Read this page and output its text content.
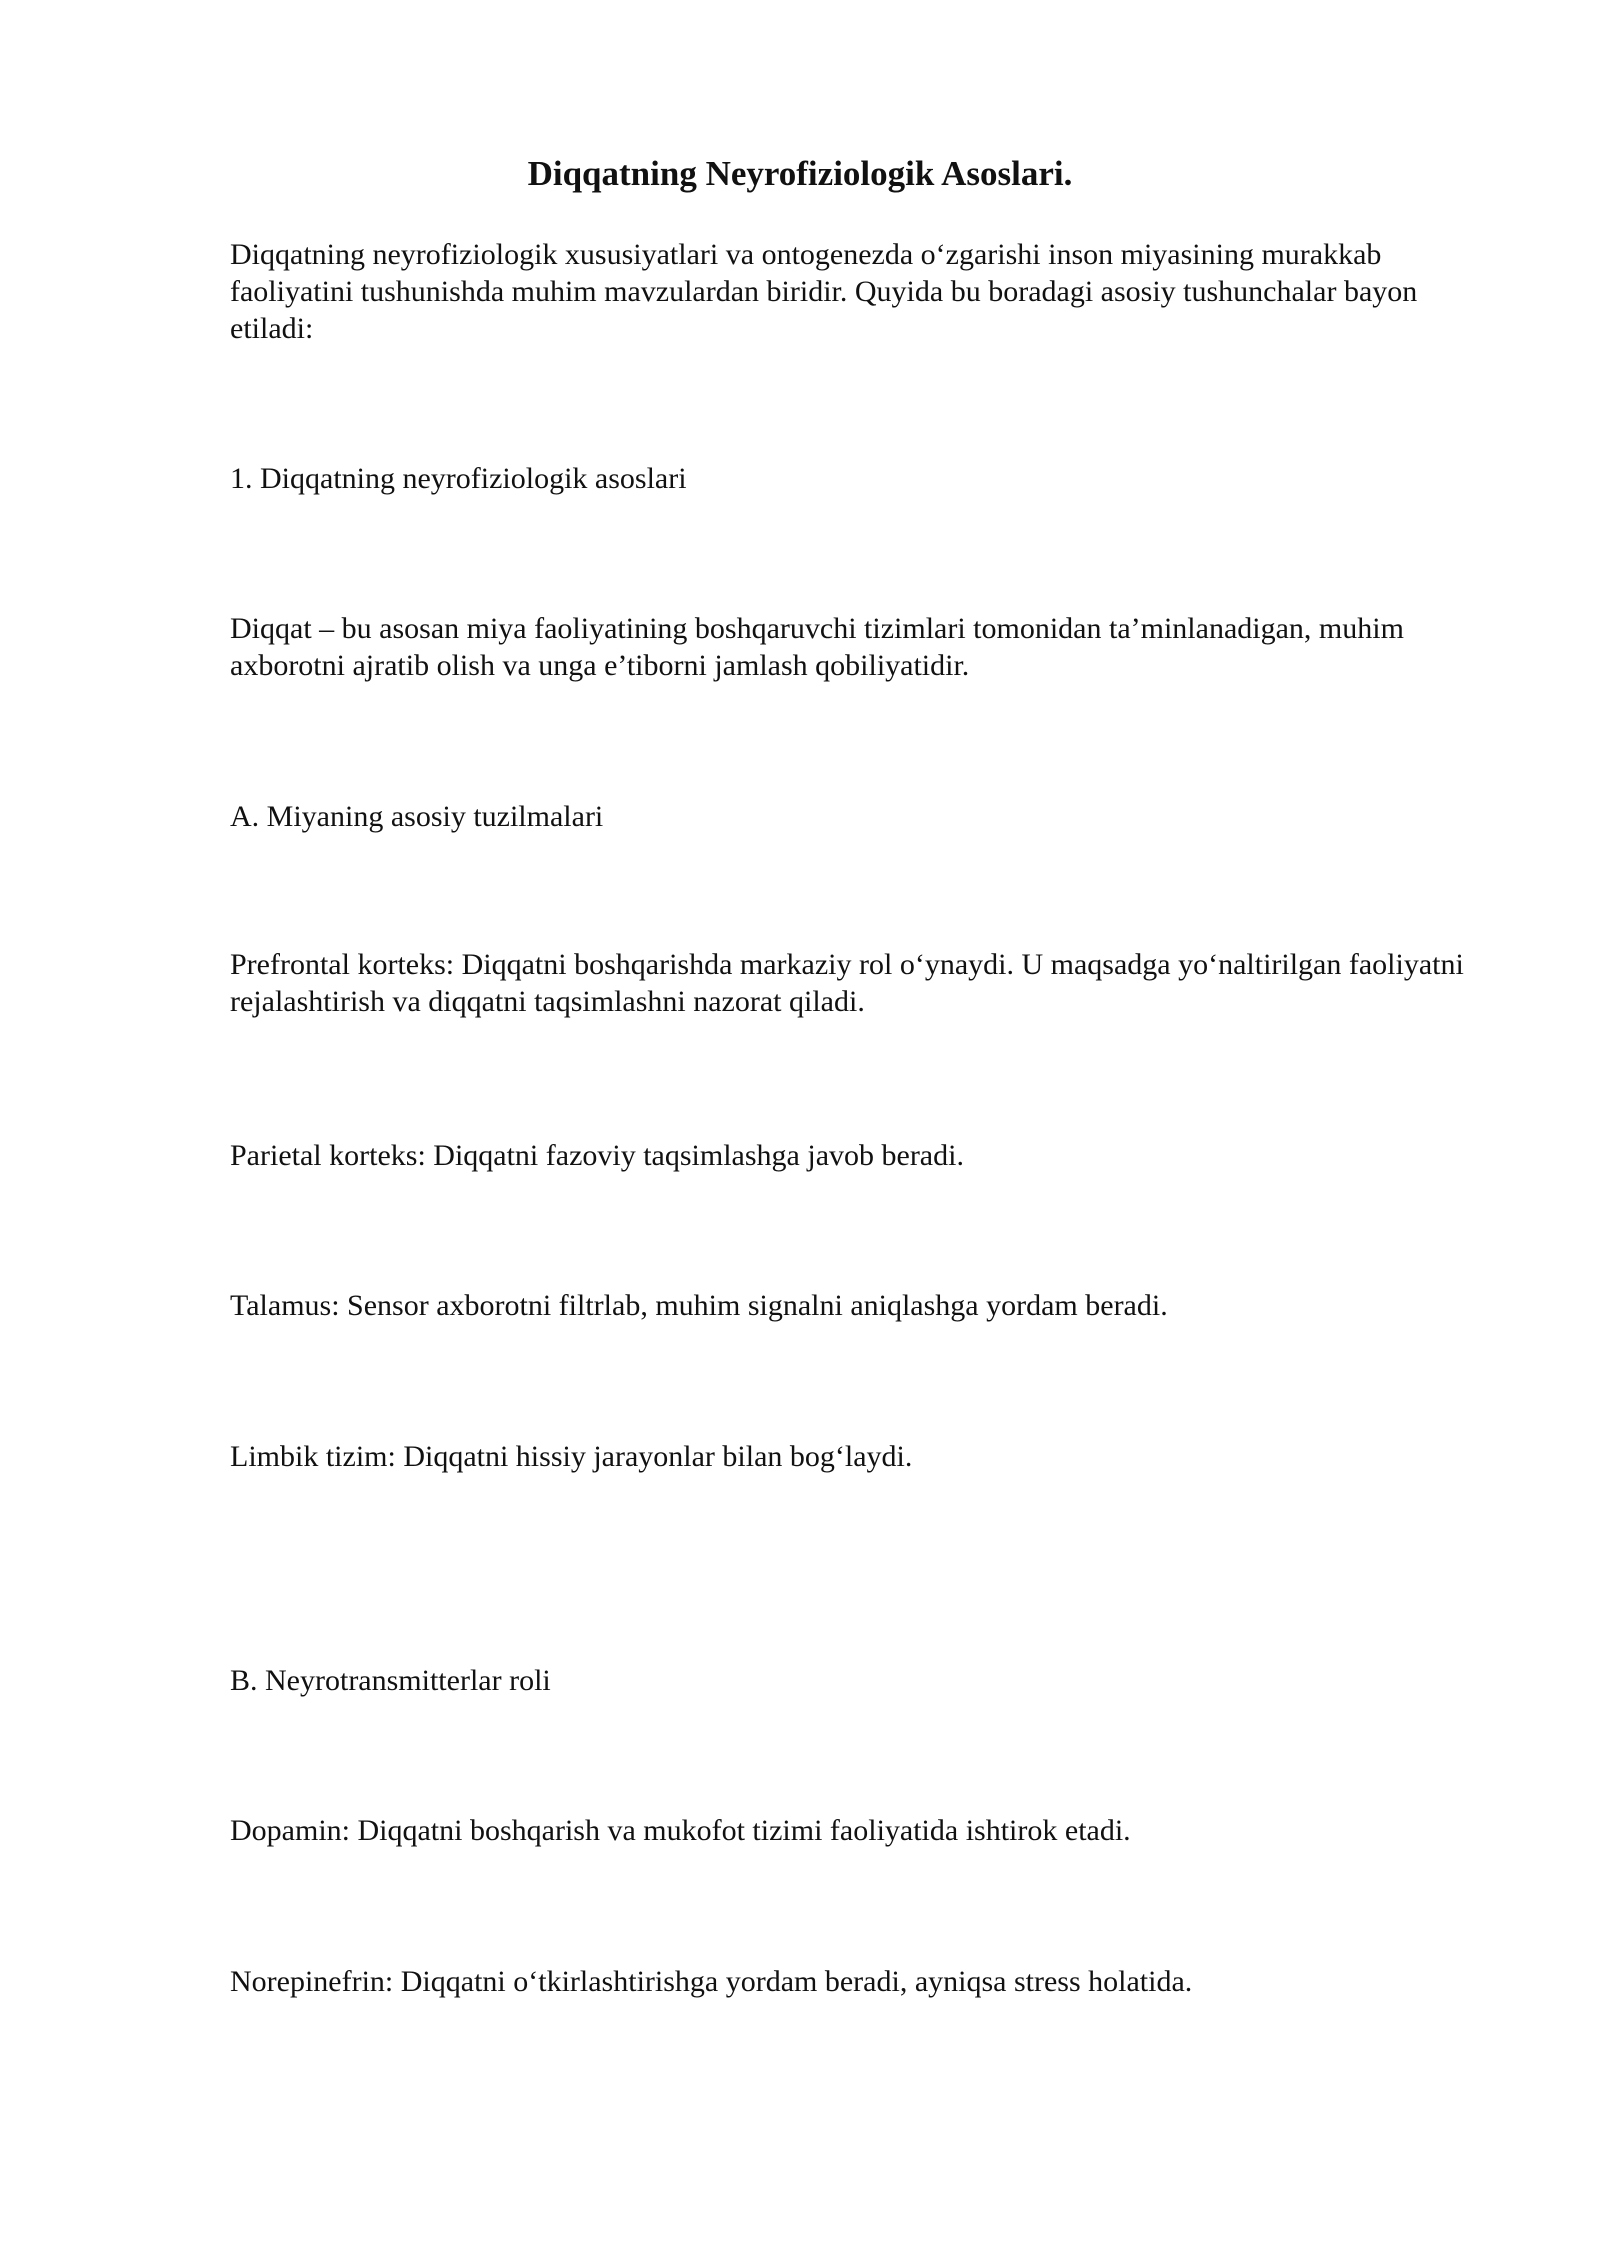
Diqqatning Neyrofiziologik Asoslari.

Diqqatning neyrofiziologik xususiyatlari va ontogenezda o‘zgarishi inson miyasining murakkab faoliyatini tushunishda muhim mavzulardan biridir. Quyida bu boradagi asosiy tushunchalar bayon etiladi:

1. Diqqatning neyrofiziologik asoslari

Diqqat – bu asosan miya faoliyatining boshqaruvchi tizimlari tomonidan ta’minlanadigan, muhim axborotni ajratib olish va unga e’tiborni jamlash qobiliyatidir.

A. Miyaning asosiy tuzilmalari

Prefrontal korteks: Diqqatni boshqarishda markaziy rol o‘ynaydi. U maqsadga yo‘naltirilgan faoliyatni rejalashtirish va diqqatni taqsimlashni nazorat qiladi.

Parietal korteks: Diqqatni fazoviy taqsimlashga javob beradi.

Talamus: Sensor axborotni filtrlab, muhim signalni aniqlashga yordam beradi.

Limbik tizim: Diqqatni hissiy jarayonlar bilan bog‘laydi.

B. Neyrotransmitterlar roli

Dopamin: Diqqatni boshqarish va mukofot tizimi faoliyatida ishtirok etadi.

Norepinefrin: Diqqatni o‘tkirlashtirishga yordam beradi, ayniqsa stress holatida.
